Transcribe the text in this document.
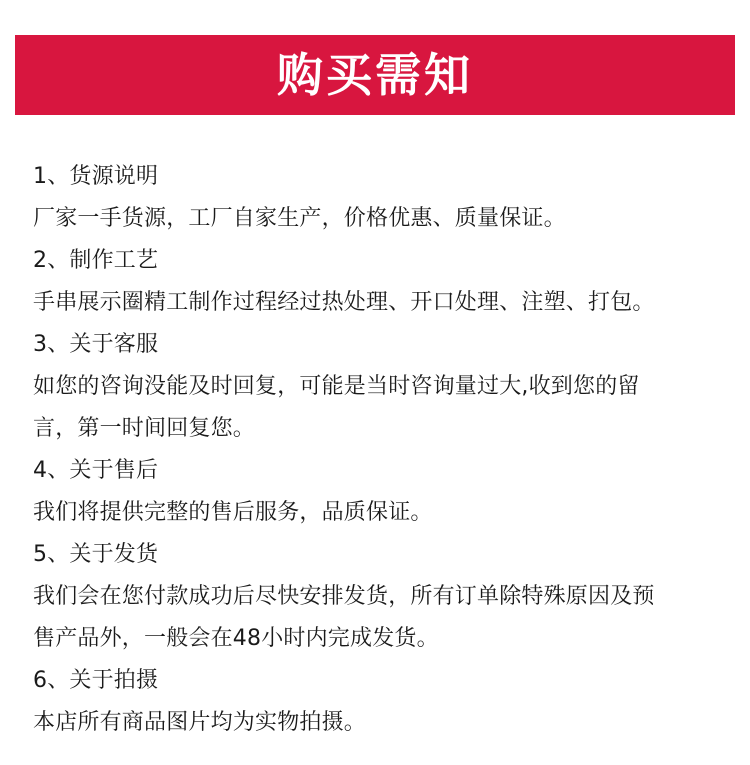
购买需知
1、货源说明
厂家一手货源，工厂自家生产，价格优惠、质量保证。
2、制作工艺
手串展示圈精工制作过程经过热处理、开口处理、注塑、打包。
3、关于客服
如您的咨询没能及时回复，可能是当时咨询量过大,收到您的留
言，第一时间回复您。
4、关于售后
我们将提供完整的售后服务，品质保证。
5、关于发货
我们会在您付款成功后尽快安排发货，所有订单除特殊原因及预
售产品外，一般会在48小时内完成发货。
6、关于拍摄
本店所有商品图片均为实物拍摄。
